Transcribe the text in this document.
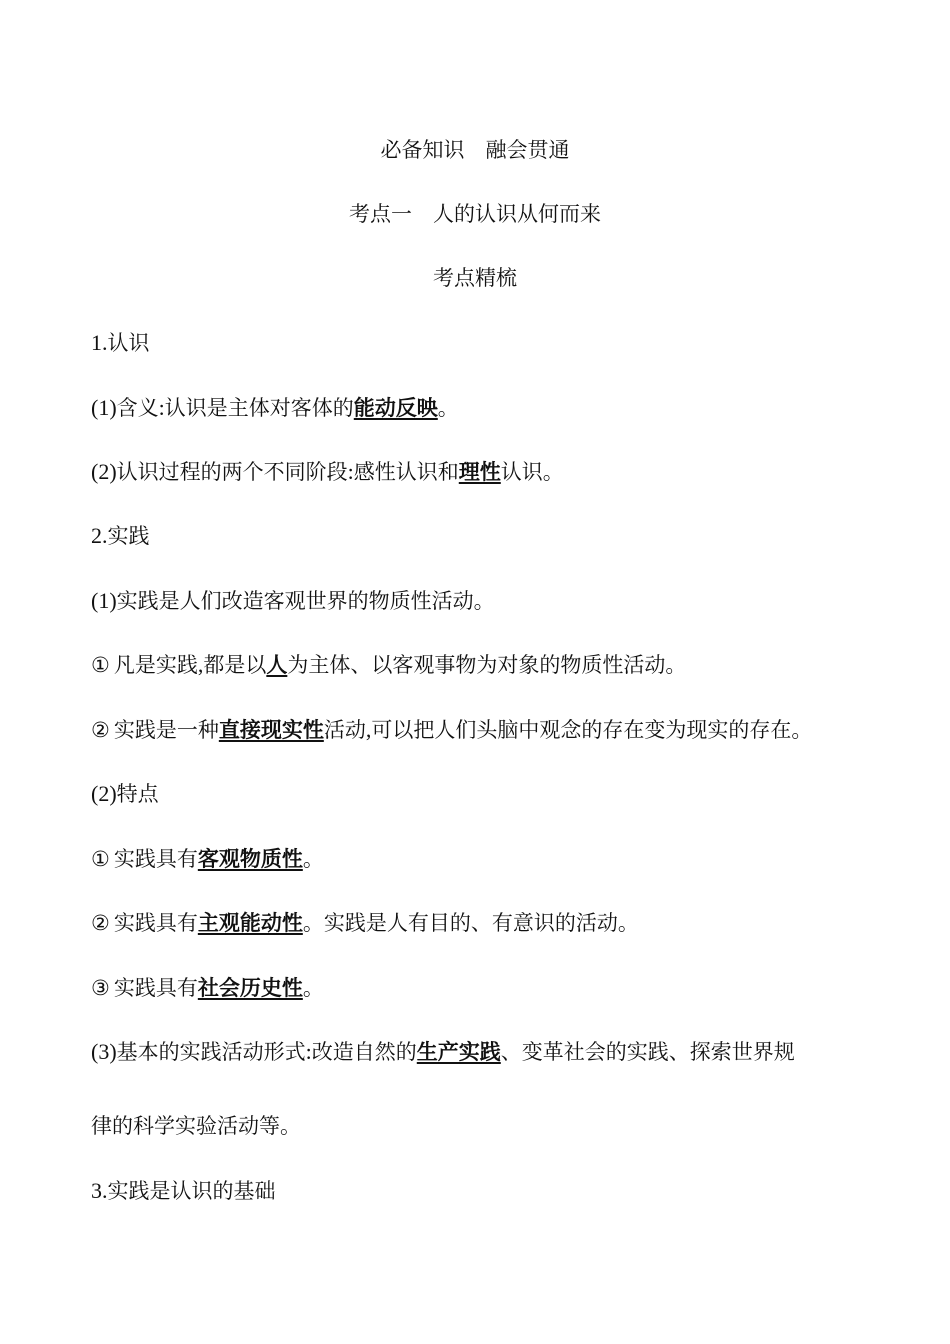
必备知识　融会贯通
考点一　人的认识从何而来
考点精梳
1.认识
(1)含义:认识是主体对客体的能动反映。
(2)认识过程的两个不同阶段:感性认识和理性认识。
2.实践
(1)实践是人们改造客观世界的物质性活动。
① 凡是实践,都是以人为主体、以客观事物为对象的物质性活动。
② 实践是一种直接现实性活动,可以把人们头脑中观念的存在变为现实的存在。
(2)特点
① 实践具有客观物质性。
② 实践具有主观能动性。实践是人有目的、有意识的活动。
③ 实践具有社会历史性。
(3)基本的实践活动形式:改造自然的生产实践、变革社会的实践、探索世界规
律的科学实验活动等。
3.实践是认识的基础
